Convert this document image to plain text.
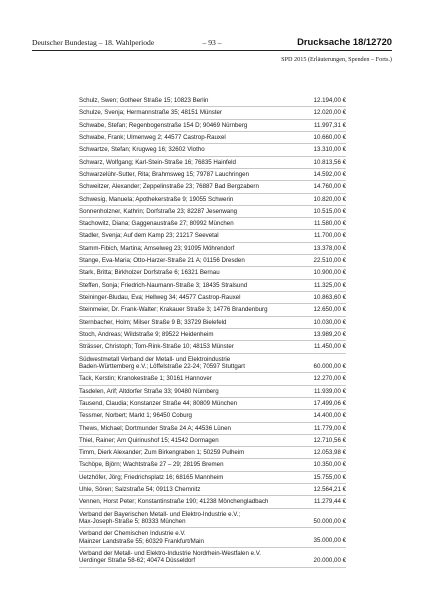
Deutscher Bundestag – 18. Wahlperiode	– 93 –	Drucksache 18/12720
SPD 2015 (Erläuterungen, Spenden – Forts.)
Schulz, Swen; Gotheer Straße 15; 10823 Berlin	12.194,00 €
Schulze, Svenja; Hermannstraße 35; 48151 Münster	12.020,00 €
Schwabe, Stefan; Regenbogenstraße 154 D; 90469 Nürnberg	11.997,31 €
Schwabe, Frank; Ulmenweg 2; 44577 Castrop-Rauxel	10.660,00 €
Schwartze, Stefan; Krugweg 16; 32602 Vlotho	13.310,00 €
Schwarz, Wolfgang; Karl-Stein-Straße 16; 76835 Hainfeld	10.813,56 €
Schwarzelühr-Sutter, Rita; Brahmsweg 15; 79787 Lauchringen	14.592,00 €
Schweitzer, Alexander; Zeppelinstraße 23; 76887 Bad Bergzabern	14.760,00 €
Schwesig, Manuela; Apothekerstraße 9; 19055 Schwerin	10.820,00 €
Sonnenholzner, Kathrin; Dorfstraße 23; 82287 Jesenwang	10.515,00 €
Stachowitz, Diana; Gaggenaustraße 27; 80992 München	11.580,00 €
Stadler, Svenja; Auf dem Kamp 23; 21217 Seevetal	11.700,00 €
Stamm-Fibich, Martina; Amselweg 23; 91095 Möhrendorf	13.378,00 €
Stange, Eva-Maria; Otto-Harzer-Straße 21 A; 01156 Dresden	22.510,00 €
Stark, Britta; Birkholzer Dorfstraße 6; 16321 Bernau	10.900,00 €
Steffen, Sonja; Friedrich-Naumann-Straße 3; 18435 Stralsund	11.325,00 €
Steininger-Bludau, Eva; Hellweg 34; 44577 Castrop-Rauxel	10.863,60 €
Steinmeier, Dr. Frank-Walter; Krakauer Straße 3; 14776 Brandenburg	12.650,00 €
Sternbacher, Holm; Milser Straße 9 B; 33729 Bielefeld	10.030,00 €
Stoch, Andreas; Wildstraße 9; 89522 Heidenheim	13.989,20 €
Strässer, Christoph; Tom-Rink-Straße 10; 48153 Münster	11.450,00 €
Südwestmetall Verband der Metall- und Elektroindustrie
Baden-Württemberg e.V.; Löffelstraße 22-24; 70597 Stuttgart	60.000,00 €
Tack, Kerstin; Kranokestraße 1; 30161 Hannover	12.270,00 €
Tasdelen, Arif; Altdorfer Straße 33; 90480 Nürnberg	11.939,00 €
Tausend, Claudia; Konstanzer Straße 44; 80809 München	17.499,06 €
Tessmer, Norbert; Markt 1; 96450 Coburg	14.400,00 €
Thews, Michael; Dortmunder Straße 24 A; 44536 Lünen	11.779,00 €
Thiel, Rainer; Am Quirinushof 15; 41542 Dormagen	12.710,56 €
Timm, Dierk Alexander; Zum Birkengraben 1; 50259 Pulheim	12.053,98 €
Tschöpe, Björn; Wachtstraße 27 – 29; 28195 Bremen	10.350,00 €
Uetzhöfer, Jörg; Friedrichsplatz 16; 68165 Mannheim	15.755,00 €
Uhle, Sören; Salzstraße 54; 09113 Chemnitz	12.564,21 €
Vennen, Horst Peter; Konstantinstraße 190; 41238 Mönchengladbach	11.279,44 €
Verband der Bayerischen Metall- und Elektro-Industrie e.V.;
Max-Joseph-Straße 5; 80333 München	50.000,00 €
Verband der Chemischen Industrie e.V.
Mainzer Landstraße 55; 60329 Frankfurt/Main	35.000,00 €
Verband der Metall- und Elektro-Industrie Nordrhein-Westfalen e.V.
Uerdinger Straße 58-62; 40474 Düsseldorf	20.000,00 €
